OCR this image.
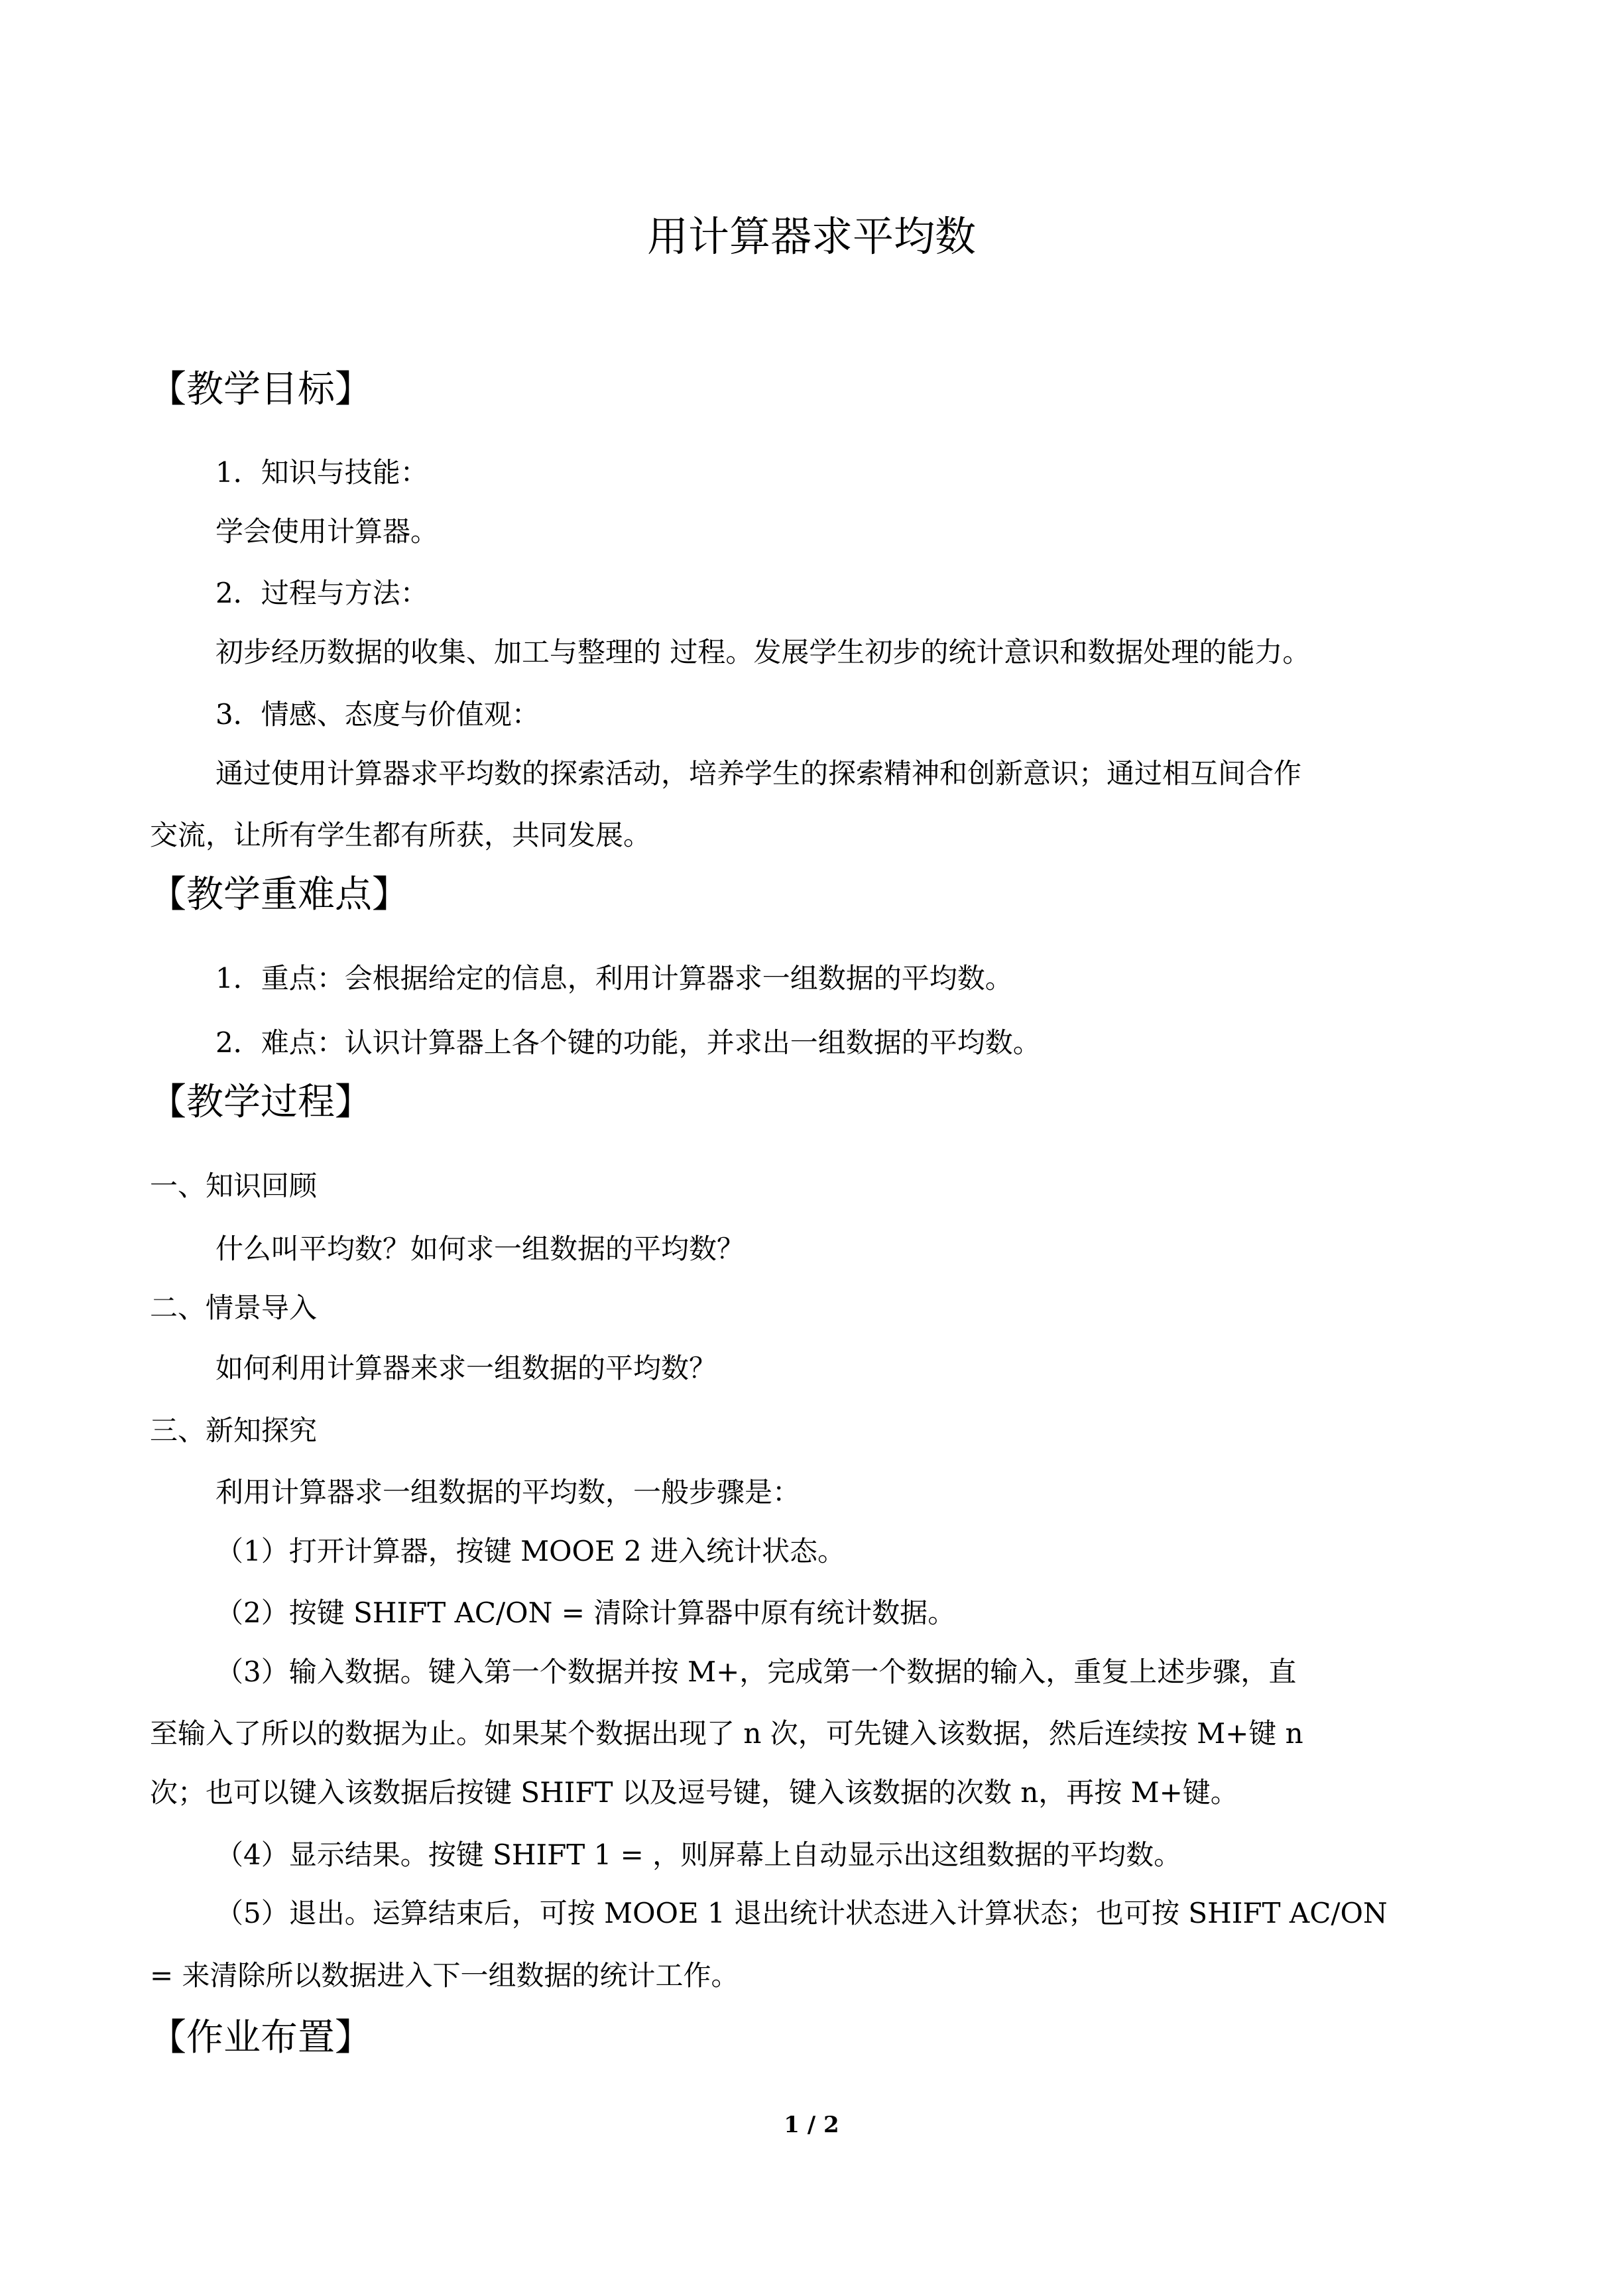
用计算器求平均数
【教学目标】
1．知识与技能：
学会使用计算器。
2．过程与方法：
初步经历数据的收集、加工与整理的 过程。发展学生初步的统计意识和数据处理的能力。
3．情感、态度与价值观：
通过使用计算器求平均数的探索活动，培养学生的探索精神和创新意识；通过相互间合作
交流，让所有学生都有所获，共同发展。
【教学重难点】
1．重点：会根据给定的信息，利用计算器求一组数据的平均数。
2．难点：认识计算器上各个键的功能，并求出一组数据的平均数。
【教学过程】
一、知识回顾
什么叫平均数？如何求一组数据的平均数？
二、情景导入
如何利用计算器来求一组数据的平均数？
三、新知探究
利用计算器求一组数据的平均数，一般步骤是：
（1）打开计算器，按键 MOOE 2 进入统计状态。
（2）按键 SHIFT AC/ON = 清除计算器中原有统计数据。
（3）输入数据。键入第一个数据并按 M+，完成第一个数据的输入，重复上述步骤，直
至输入了所以的数据为止。如果某个数据出现了 n 次，可先键入该数据，然后连续按 M+键 n
次；也可以键入该数据后按键 SHIFT 以及逗号键，键入该数据的次数 n，再按 M+键。
（4）显示结果。按键 SHIFT 1 = ，则屏幕上自动显示出这组数据的平均数。
（5）退出。运算结束后，可按 MOOE 1 退出统计状态进入计算状态；也可按 SHIFT AC/ON
= 来清除所以数据进入下一组数据的统计工作。
【作业布置】
1 / 2
